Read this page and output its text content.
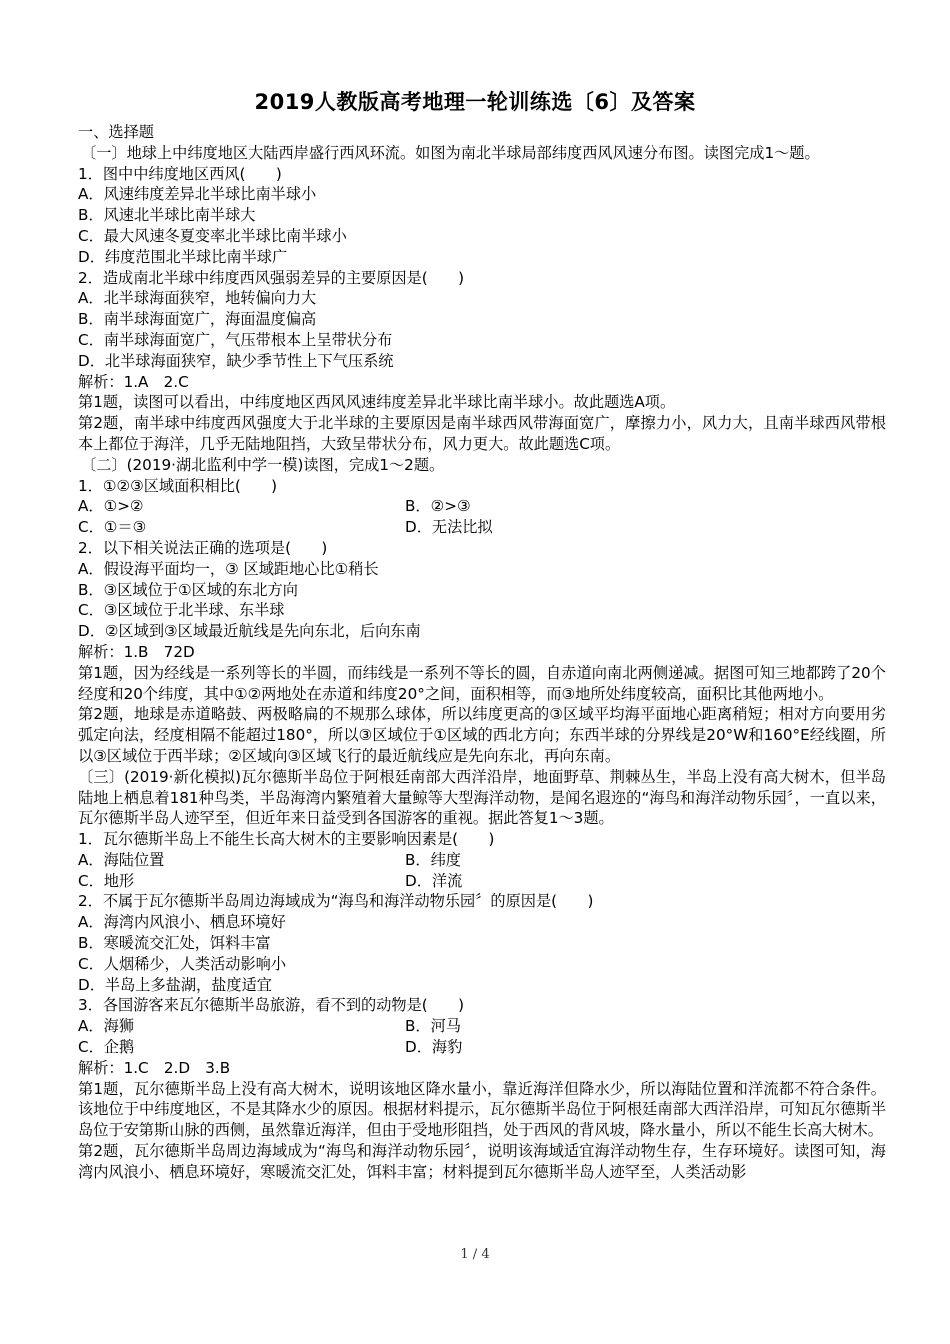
2019人教版高考地理一轮训练选〔6〕及答案
一、选择题
〔一〕地球上中纬度地区大陆西岸盛行西风环流。如图为南北半球局部纬度西风风速分布图。读图完成1～题。
1．图中中纬度地区西风(　　)
A．风速纬度差异北半球比南半球小
B．风速北半球比南半球大
C．最大风速冬夏变率北半球比南半球小
D．纬度范围北半球比南半球广
2．造成南北半球中纬度西风强弱差异的主要原因是(　　)
A．北半球海面狭窄，地转偏向力大
B．南半球海面宽广，海面温度偏高
C．南半球海面宽广，气压带根本上呈带状分布
D．北半球海面狭窄，缺少季节性上下气压系统
解析：1.A　2.C
第1题，读图可以看出，中纬度地区西风风速纬度差异北半球比南半球小。故此题选A项。
第2题，南半球中纬度西风强度大于北半球的主要原因是南半球西风带海面宽广，摩擦力小，风力大，且南半球西风带根本上都位于海洋，几乎无陆地阻挡，大致呈带状分布，风力更大。故此题选C项。
〔二〕(2019·湖北监利中学一模)读图，完成1～2题。
1．①②③区域面积相比(　　)
A．①>②	B．②>③
C．①＝③	D．无法比拟
2．以下相关说法正确的选项是(　　)
A．假设海平面均一，③ 区域距地心比①稍长
B．③区域位于①区域的东北方向
C．③区域位于北半球、东半球
D．②区域到③区域最近航线是先向东北，后向东南
解析：1.B　72D
第1题，因为经线是一系列等长的半圆，而纬线是一系列不等长的圆，自赤道向南北两侧递减。据图可知三地都跨了20个经度和20个纬度，其中①②两地处在赤道和纬度20°之间，面积相等，而③地所处纬度较高，面积比其他两地小。
第2题，地球是赤道略鼓、两极略扁的不规那么球体，所以纬度更高的③区域平均海平面地心距离稍短；相对方向要用劣弧定向法，经度相隔不能超过180°，所以③区域位于①区域的西北方向；东西半球的分界线是20°W和160°E经线圈，所以③区域位于西半球；②区域向③区域飞行的最近航线应是先向东北，再向东南。
〔三〕(2019·新化模拟)瓦尔德斯半岛位于阿根廷南部大西洋沿岸，地面野草、荆棘丛生，半岛上没有高大树木，但半岛陆地上栖息着181种鸟类，半岛海湾内繁殖着大量鲸等大型海洋动物，是闻名遐迩的“海鸟和海洋动物乐园〞，一直以来，瓦尔德斯半岛人迹罕至，但近年来日益受到各国游客的重视。据此答复1～3题。
1．瓦尔德斯半岛上不能生长高大树木的主要影响因素是(　　)
A．海陆位置	B．纬度
C．地形	D．洋流
2．不属于瓦尔德斯半岛周边海域成为“海鸟和海洋动物乐园〞的原因是(　　)
A．海湾内风浪小、栖息环境好
B．寒暖流交汇处，饵料丰富
C．人烟稀少，人类活动影响小
D．半岛上多盐湖，盐度适宜
3．各国游客来瓦尔德斯半岛旅游，看不到的动物是(　　)
A．海狮	B．河马
C．企鹅	D．海豹
解析：1.C　2.D　3.B
第1题，瓦尔德斯半岛上没有高大树木，说明该地区降水量小，靠近海洋但降水少，所以海陆位置和洋流都不符合条件。该地位于中纬度地区，不是其降水少的原因。根据材料提示，瓦尔德斯半岛位于阿根廷南部大西洋沿岸，可知瓦尔德斯半岛位于安第斯山脉的西侧，虽然靠近海洋，但由于受地形阻挡，处于西风的背风坡，降水量小，所以不能生长高大树木。
第2题，瓦尔德斯半岛周边海域成为“海鸟和海洋动物乐园〞，说明该海域适宜海洋动物生存，生存环境好。读图可知，海湾内风浪小、栖息环境好，寒暖流交汇处，饵料丰富；材料提到瓦尔德斯半岛人迹罕至，人类活动影
1 / 4
